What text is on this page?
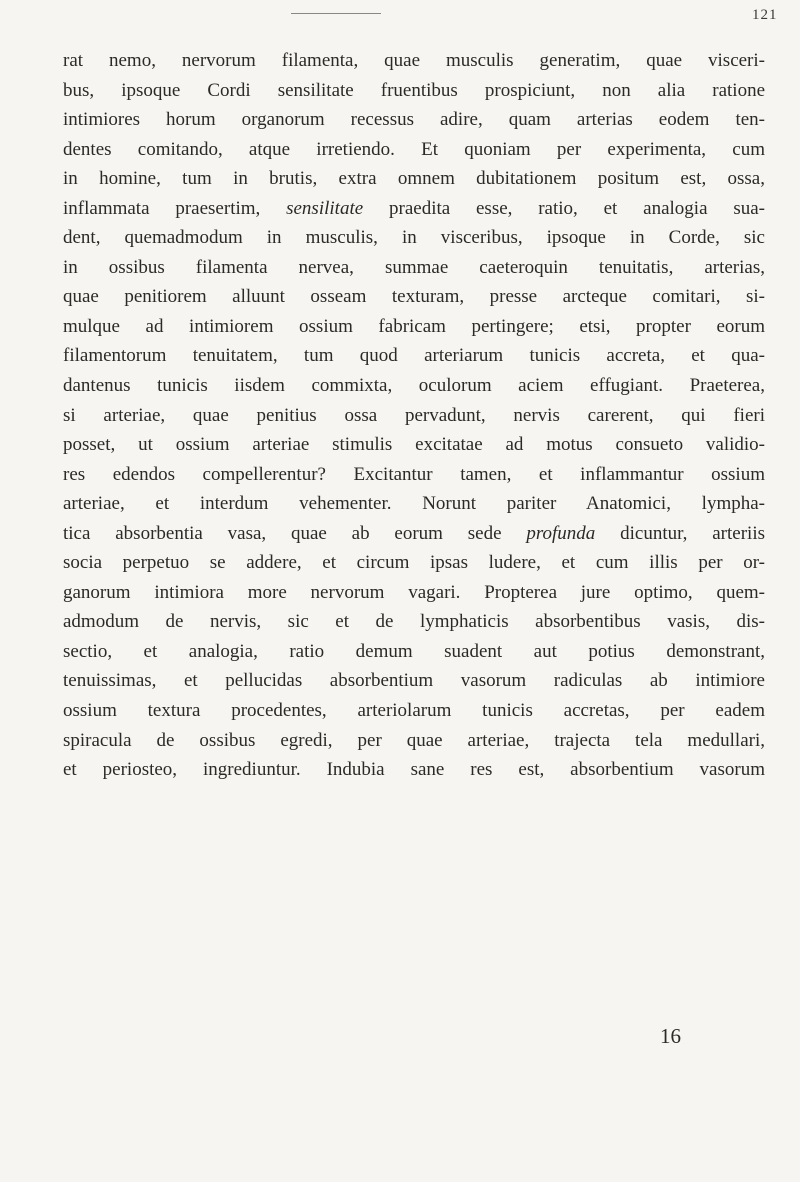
121
rat nemo, nervorum filamenta, quae musculis generatim, quae visceri-
bus, ipsoque Cordi sensilitate fruentibus prospiciunt, non alia ratione
intimiores horum organorum recessus adire, quam arterias eodem ten-
dentes comitando, atque irretiendo. Et quoniam per experimenta, cum
in homine, tum in brutis, extra omnem dubitationem positum est, ossa,
inflammata praesertim, sensilitate praedita esse, ratio, et analogia sua-
dent, quemadmodum in musculis, in visceribus, ipsoque in Corde, sic
in ossibus filamenta nervea, summae caeteroquin tenuitatis, arterias,
quae penitiorem alluunt osseam texturam, presse arcteque comitari, si-
mulque ad intimiorem ossium fabricam pertingere; etsi, propter eorum
filamentorum tenuitatem, tum quod arteriarum tunicis accreta, et qua-
dantenus tunicis iisdem commixta, oculorum aciem effugiant. Praeterea,
si arteriae, quae penitius ossa pervadunt, nervis carerent, qui fieri
posset, ut ossium arteriae stimulis excitatae ad motus consueto validio-
res edendos compellerentur? Excitantur tamen, et inflammantur ossium
arteriae, et interdum vehementer. Norunt pariter Anatomici, lympha-
tica absorbentia vasa, quae ab eorum sede profunda dicuntur, arteriis
socia perpetuo se addere, et circum ipsas ludere, et cum illis per or-
ganorum intimiora more nervorum vagari. Propterea jure optimo, quem-
admodum de nervis, sic et de lymphaticis absorbentibus vasis, dis-
sectio, et analogia, ratio demum suadent aut potius demonstrant,
tenuissimas, et pellucidas absorbentium vasorum radiculas ab intimiore
ossium textura procedentes, arteriolarum tunicis accretas, per eadem
spiracula de ossibus egredi, per quae arteriae, trajecta tela medullari,
et periosteo, ingrediuntur. Indubia sane res est, absorbentium vasorum
16
